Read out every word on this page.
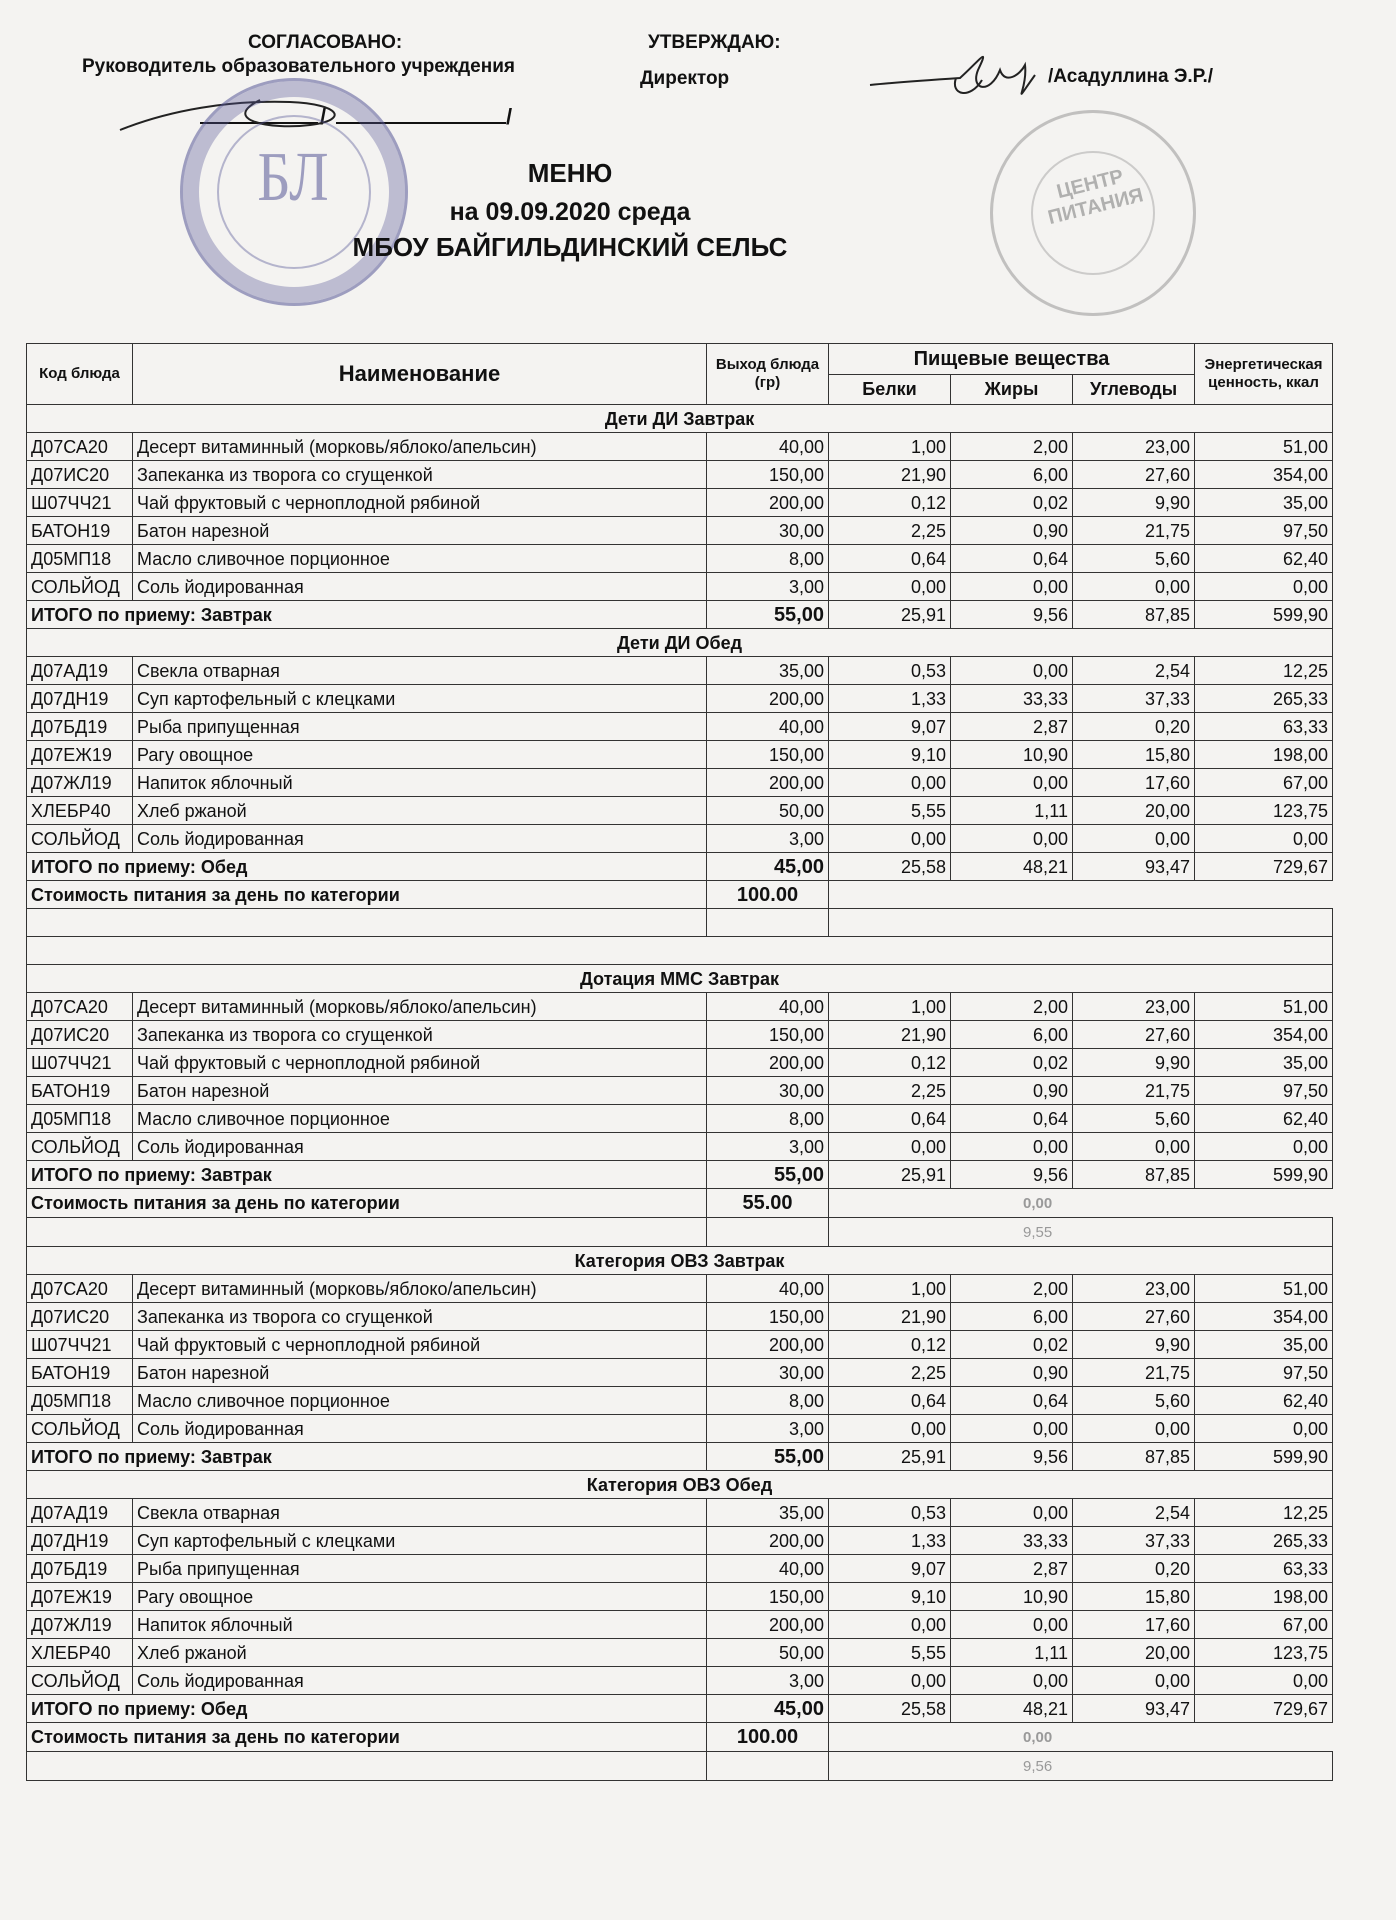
СОГЛАСОВАНО:
Руководитель образовательного учреждения
УТВЕРЖДАЮ:
Директор	/Асадуллина Э.Р./
/	/
БЛ	ЦЕНТР ПИТАНИЯ
МЕНЮ
на 09.09.2020 среда
МБОУ БАЙГИЛЬДИНСКИЙ СЕЛЬС
Код блюда	Наименование	Выход блюда (гр)	Пищевые вещества			Энергетическая ценность, ккал
			Белки	Жиры	Углеводы	
Дети ДИ Завтрак						
Д07СА20	Десерт витаминный (морковь/яблоко/апельсин)	40,00	1,00	2,00	23,00	51,00
Д07ИС20	Запеканка из творога со сгущенкой	150,00	21,90	6,00	27,60	354,00
Ш07ЧЧ21	Чай фруктовый с черноплодной рябиной	200,00	0,12	0,02	9,90	35,00
БАТОН19	Батон нарезной	30,00	2,25	0,90	21,75	97,50
Д05МП18	Масло сливочное порционное	8,00	0,64	0,64	5,60	62,40
СОЛЬЙОД	Соль йодированная	3,00	0,00	0,00	0,00	0,00
ИТОГО по приему: Завтрак		55,00	25,91	9,56	87,85	599,90
Дети ДИ Обед						
Д07АД19	Свекла отварная	35,00	0,53	0,00	2,54	12,25
Д07ДН19	Суп картофельный с клецками	200,00	1,33	33,33	37,33	265,33
Д07БД19	Рыба припущенная	40,00	9,07	2,87	0,20	63,33
Д07ЕЖ19	Рагу овощное	150,00	9,10	10,90	15,80	198,00
Д07ЖЛ19	Напиток яблочный	200,00	0,00	0,00	17,60	67,00
ХЛЕБР40	Хлеб ржаной	50,00	5,55	1,11	20,00	123,75
СОЛЬЙОД	Соль йодированная	3,00	0,00	0,00	0,00	0,00
ИТОГО по приему: Обед		45,00	25,58	48,21	93,47	729,67
Стоимость питания за день по категории		100.00				

Дотация ММС Завтрак						
Д07СА20	Десерт витаминный (морковь/яблоко/апельсин)	40,00	1,00	2,00	23,00	51,00
Д07ИС20	Запеканка из творога со сгущенкой	150,00	21,90	6,00	27,60	354,00
Ш07ЧЧ21	Чай фруктовый с черноплодной рябиной	200,00	0,12	0,02	9,90	35,00
БАТОН19	Батон нарезной	30,00	2,25	0,90	21,75	97,50
Д05МП18	Масло сливочное порционное	8,00	0,64	0,64	5,60	62,40
СОЛЬЙОД	Соль йодированная	3,00	0,00	0,00	0,00	0,00
ИТОГО по приему: Завтрак		55,00	25,91	9,56	87,85	599,90
Стоимость питания за день по категории		55.00	0,00			
			9,55			
Категория ОВЗ Завтрак						
Д07СА20	Десерт витаминный (морковь/яблоко/апельсин)	40,00	1,00	2,00	23,00	51,00
Д07ИС20	Запеканка из творога со сгущенкой	150,00	21,90	6,00	27,60	354,00
Ш07ЧЧ21	Чай фруктовый с черноплодной рябиной	200,00	0,12	0,02	9,90	35,00
БАТОН19	Батон нарезной	30,00	2,25	0,90	21,75	97,50
Д05МП18	Масло сливочное порционное	8,00	0,64	0,64	5,60	62,40
СОЛЬЙОД	Соль йодированная	3,00	0,00	0,00	0,00	0,00
ИТОГО по приему: Завтрак		55,00	25,91	9,56	87,85	599,90
Категория ОВЗ Обед						
Д07АД19	Свекла отварная	35,00	0,53	0,00	2,54	12,25
Д07ДН19	Суп картофельный с клецками	200,00	1,33	33,33	37,33	265,33
Д07БД19	Рыба припущенная	40,00	9,07	2,87	0,20	63,33
Д07ЕЖ19	Рагу овощное	150,00	9,10	10,90	15,80	198,00
Д07ЖЛ19	Напиток яблочный	200,00	0,00	0,00	17,60	67,00
ХЛЕБР40	Хлеб ржаной	50,00	5,55	1,11	20,00	123,75
СОЛЬЙОД	Соль йодированная	3,00	0,00	0,00	0,00	0,00
ИТОГО по приему: Обед		45,00	25,58	48,21	93,47	729,67
Стоимость питания за день по категории		100.00	0,00			
			9,56			
